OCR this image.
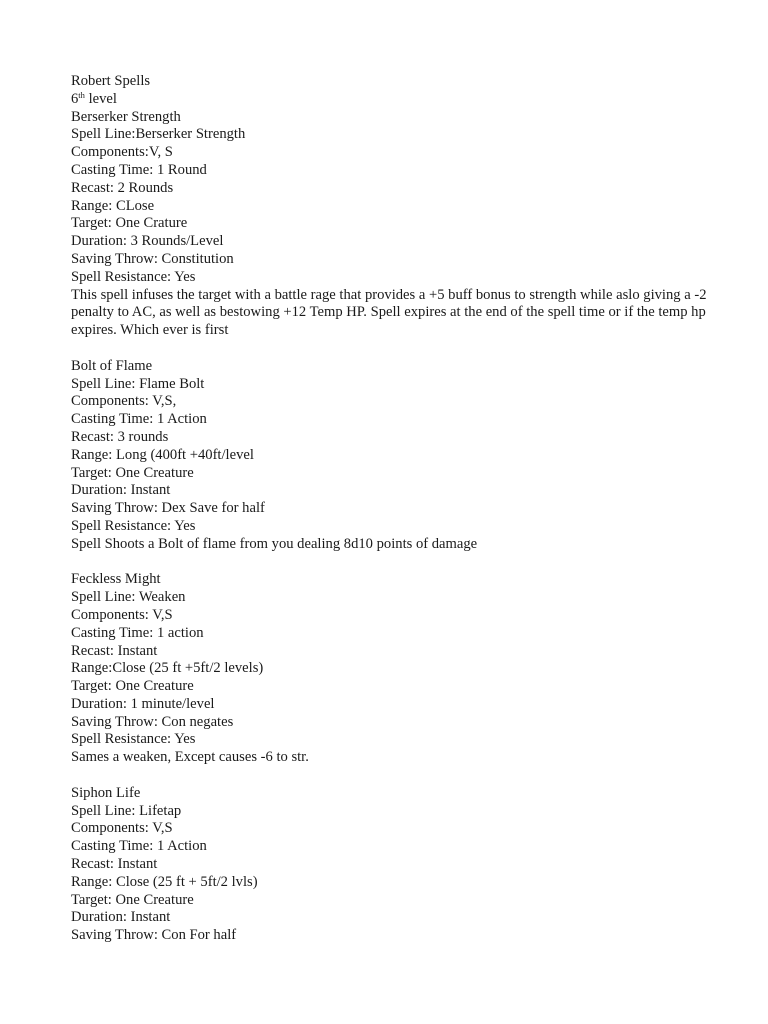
Robert Spells
6th level
Berserker Strength
Spell Line:Berserker Strength
Components:V, S
Casting Time: 1 Round
Recast: 2 Rounds
Range: CLose
Target: One Crature
Duration: 3 Rounds/Level
Saving Throw: Constitution
Spell Resistance: Yes
This spell infuses the target with a battle rage that provides a +5 buff bonus to strength while aslo giving a -2 penalty to AC, as well as bestowing +12 Temp HP. Spell expires at the end of the spell time or if the temp hp expires. Which ever is first
Bolt of Flame
Spell Line: Flame Bolt
Components: V,S,
Casting Time: 1 Action
Recast: 3 rounds
Range: Long (400ft +40ft/level
Target: One Creature
Duration: Instant
Saving Throw: Dex Save for half
Spell Resistance: Yes
Spell Shoots a Bolt of flame from you dealing 8d10 points of damage
Feckless Might
Spell Line: Weaken
Components: V,S
Casting Time: 1 action
Recast: Instant
Range:Close (25 ft +5ft/2 levels)
Target: One Creature
Duration: 1 minute/level
Saving Throw: Con negates
Spell Resistance: Yes
Sames a weaken, Except causes -6 to str.
Siphon Life
Spell Line: Lifetap
Components: V,S
Casting Time: 1 Action
Recast: Instant
Range: Close (25 ft + 5ft/2 lvls)
Target: One Creature
Duration: Instant
Saving Throw: Con For half
